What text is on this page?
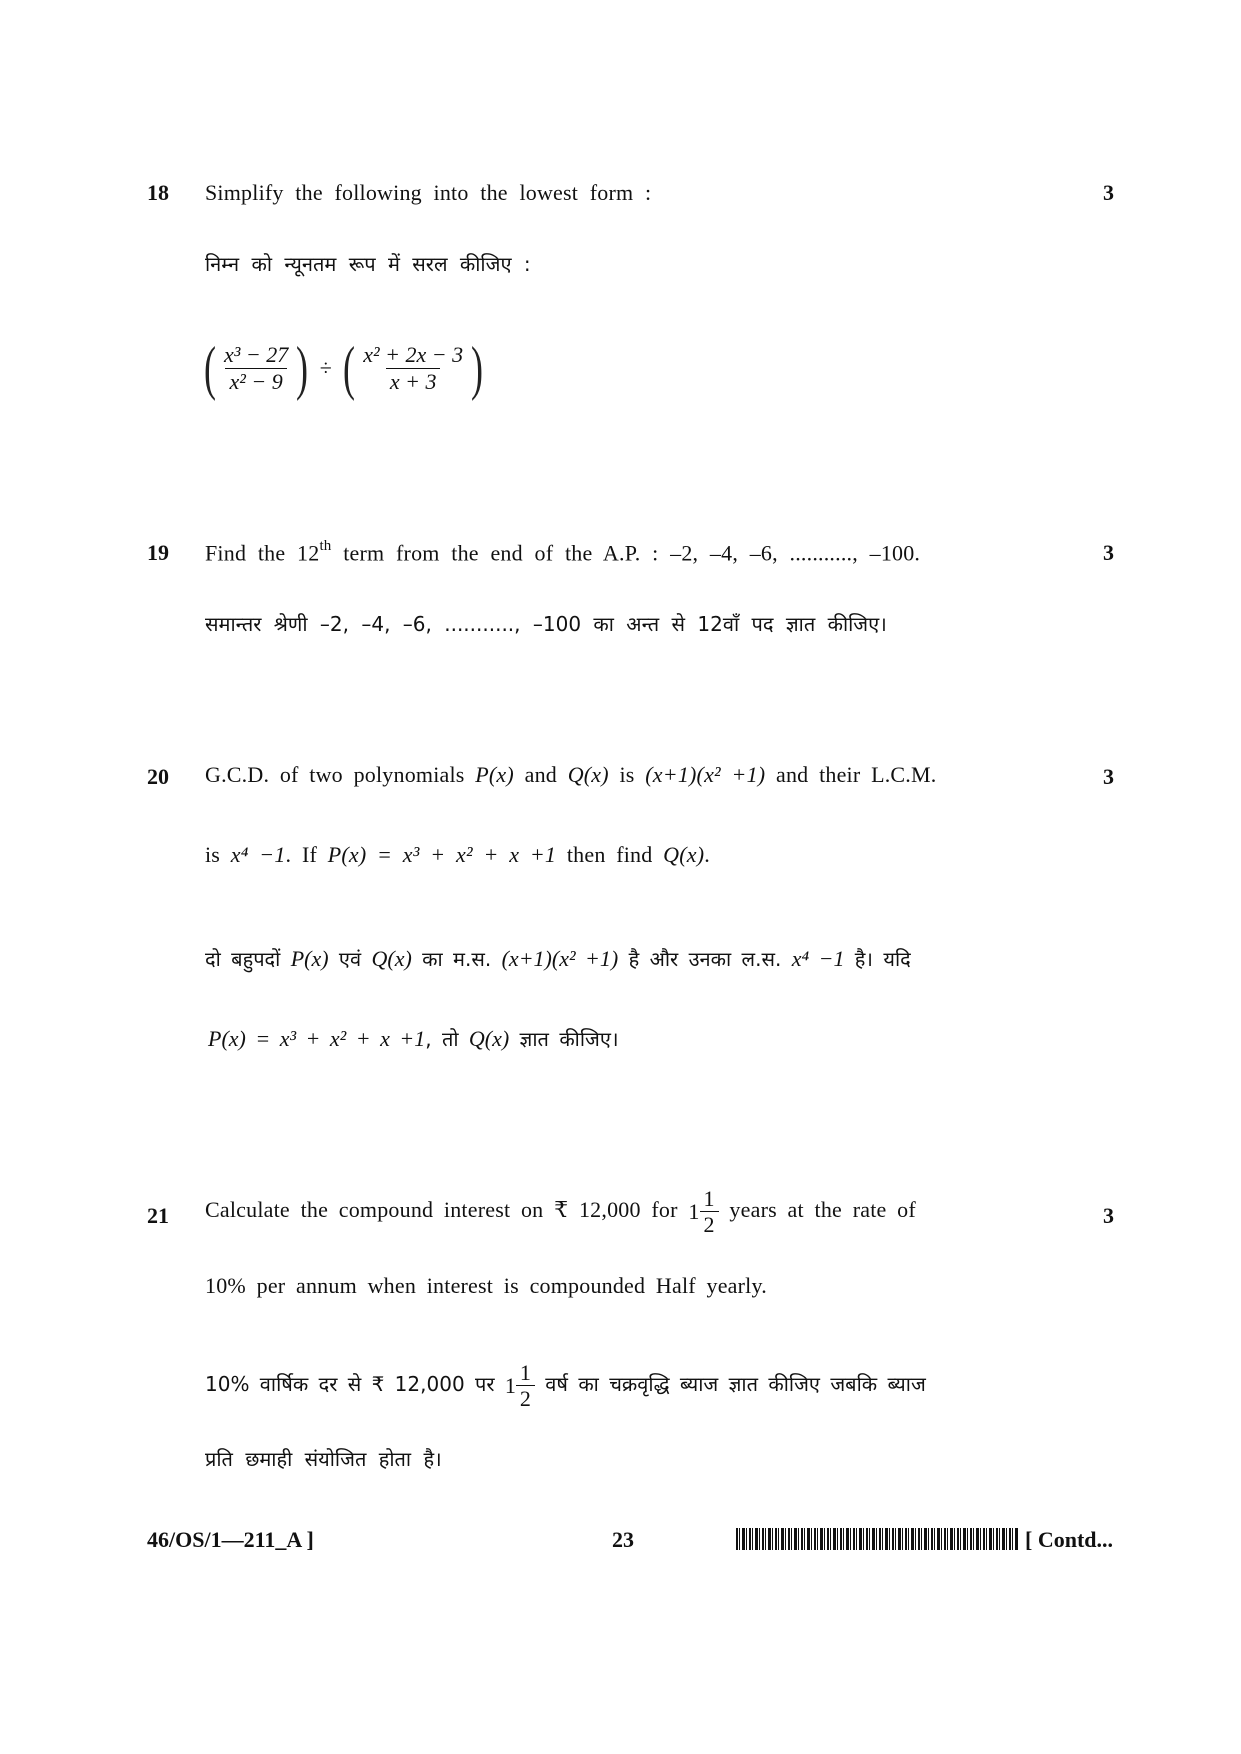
18 Simplify the following into the lowest form :	3
निम्न को न्यूनतम रूप में सरल कीजिए :
( $\frac{\text{x³ − 27}}{\text{x² − 9}}$ ) ÷ ( $\frac{\text{x² + 2x − 3}}{x + 3}$ )
19 Find the 12th term from the end of the A.P. : –2, –4, –6, ..........., –100.	3
समान्तर श्रेणी –2, –4, –6, ..........., –100 का अन्त से 12वाँ पद ज्ञात कीजिए।
20 G.C.D. of two polynomials P(x) and Q(x) is (x+1)(x² +1) and their L.C.M.	3
is x⁴ −1. If P(x) = x³ + x² + x +1 then find Q(x).
दो बहुपदों P(x) एवं Q(x) का म.स. (x+1)(x² +1) है और उनका ल.स. x⁴ −1 है। यदि
P(x) = x³ + x² + x +1, तो Q(x) ज्ञात कीजिए।
21 Calculate the compound interest on ₹ 12,000 for $1 \frac{1}{2}$ years at the rate of	3
10% per annum when interest is compounded Half yearly.
10% वार्षिक दर से ₹ 12,000 पर $1 \frac{1}{2}$ वर्ष का चक्रवृद्धि ब्याज ज्ञात कीजिए जबकि ब्याज
प्रति छमाही संयोजित होता है।
46/OS/1—211_A ]	23	[ Contd...
